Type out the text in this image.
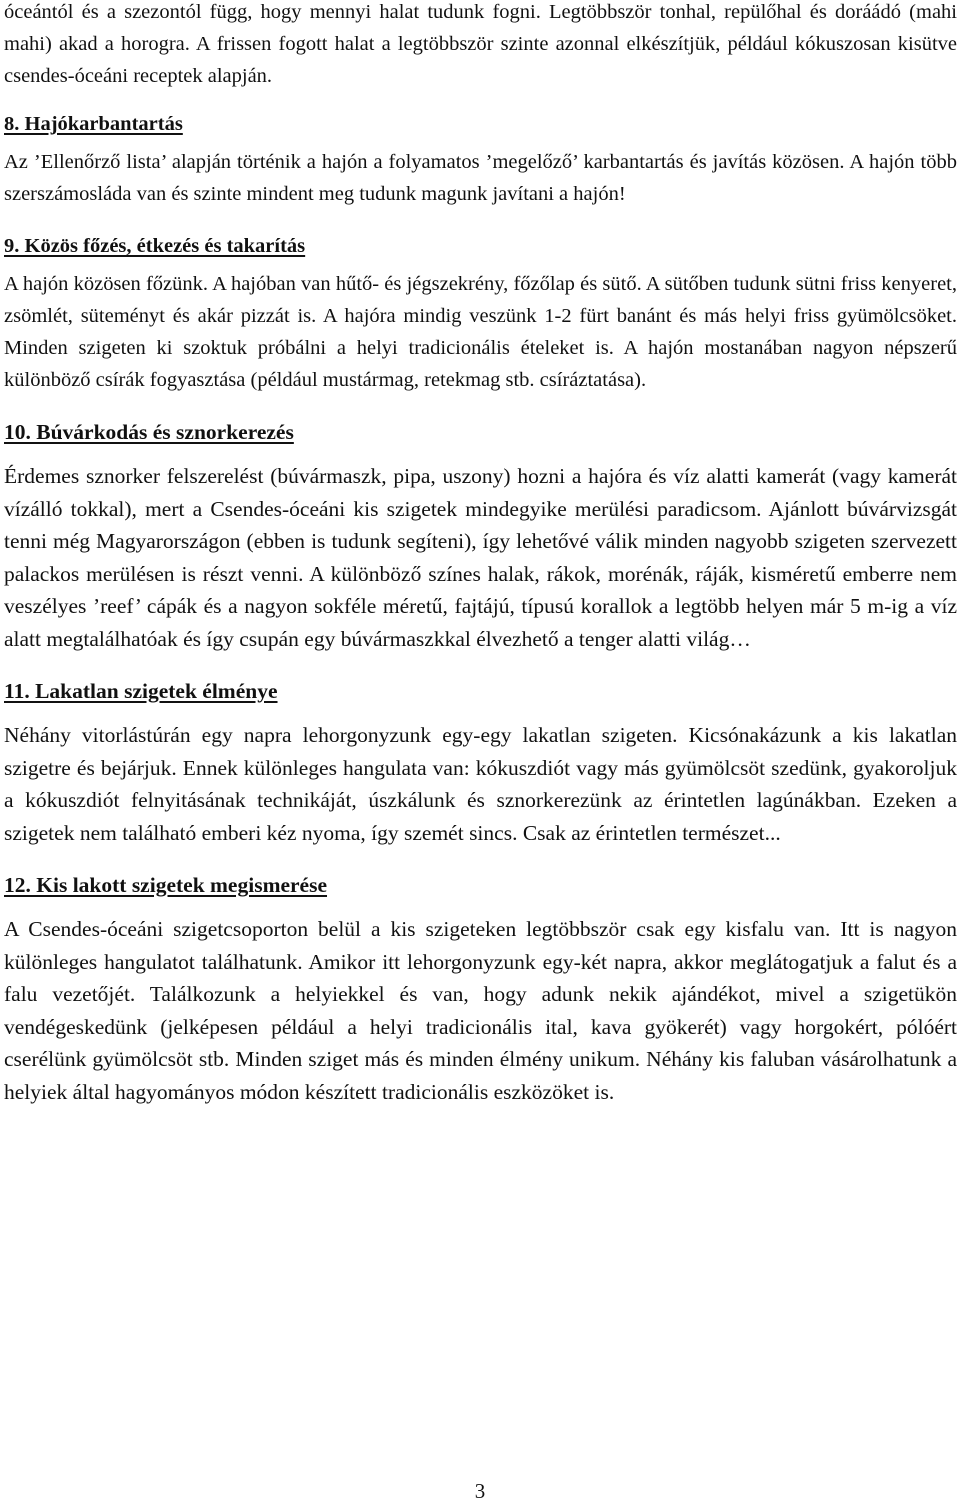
óceántól és a szezontól függ, hogy mennyi halat tudunk fogni. Legtöbbször tonhal, repülőhal és doráádó (mahi mahi) akad a horogra. A frissen fogott halat a legtöbbször szinte azonnal elkészítjük, például kókuszosan kisütve csendes-óceáni receptek alapján.

8. Hajókarbantartás

Az ’Ellenőrző lista’ alapján történik a hajón a folyamatos ’megelőző’ karbantartás és javítás közösen. A hajón több szerszámosláda van és szinte mindent meg tudunk magunk javítani a hajón!

9. Közös főzés, étkezés és takarítás

A hajón közösen főzünk. A hajóban van hűtő- és jégszekrény, főzőlap és sütő. A sütőben tudunk sütni friss kenyeret, zsömlét, süteményt és akár pizzát is. A hajóra mindig veszünk 1-2 fürt banánt és más helyi friss gyümölcsöket. Minden szigeten ki szoktuk próbálni a helyi tradicionális ételeket is. A hajón mostanában nagyon népszerű különböző csírák fogyasztása (például mustármag, retekmag stb. csíráztatása).

10. Búvárkodás és sznorkerezés

Érdemes sznorker felszerelést (búvármaszk, pipa, uszony) hozni a hajóra és víz alatti kamerát (vagy kamerát vízálló tokkal), mert a Csendes-óceáni kis szigetek mindegyike merülési paradicsom. Ajánlott búvárvizsgát tenni még Magyarországon (ebben is tudunk segíteni), így lehetővé válik minden nagyobb szigeten szervezett palackos merülésen is részt venni. A különböző színes halak, rákok, morénák, ráják, kisméretű emberre nem veszélyes ’reef’ cápák és a nagyon sokféle méretű, fajtájú, típusú korallok a legtöbb helyen már 5 m-ig a víz alatt megtalálhatóak és így csupán egy búvármaszkkal élvezhető a tenger alatti világ…

11. Lakatlan szigetek élménye

Néhány vitorlástúrán egy napra lehorgonyzunk egy-egy lakatlan szigeten. Kicsónakázunk a kis lakatlan szigetre és bejárjuk. Ennek különleges hangulata van: kókuszdiót vagy más gyümölcsöt szedünk, gyakoroljuk a kókuszdiót felnyitásának technikáját, úszkálunk és sznorkerezünk az érintetlen lagúnákban. Ezeken a szigetek nem található emberi kéz nyoma, így szemét sincs. Csak az érintetlen természet...

12. Kis lakott szigetek megismerése

A Csendes-óceáni szigetcsoporton belül a kis szigeteken legtöbbször csak egy kisfalu van. Itt is nagyon különleges hangulatot találhatunk. Amikor itt lehorgonyzunk egy-két napra, akkor meglátogatjuk a falut és a falu vezetőjét. Találkozunk a helyiekkel és van, hogy adunk nekik ajándékot, mivel a szigetükön vendégeskedünk (jelképesen például a helyi tradicionális ital, kava gyökerét) vagy horgokért, pólóért cserélünk gyümölcsöt stb. Minden sziget más és minden élmény unikum. Néhány kis faluban vásárolhatunk a helyiek által hagyományos módon készített tradicionális eszközöket is.

3
